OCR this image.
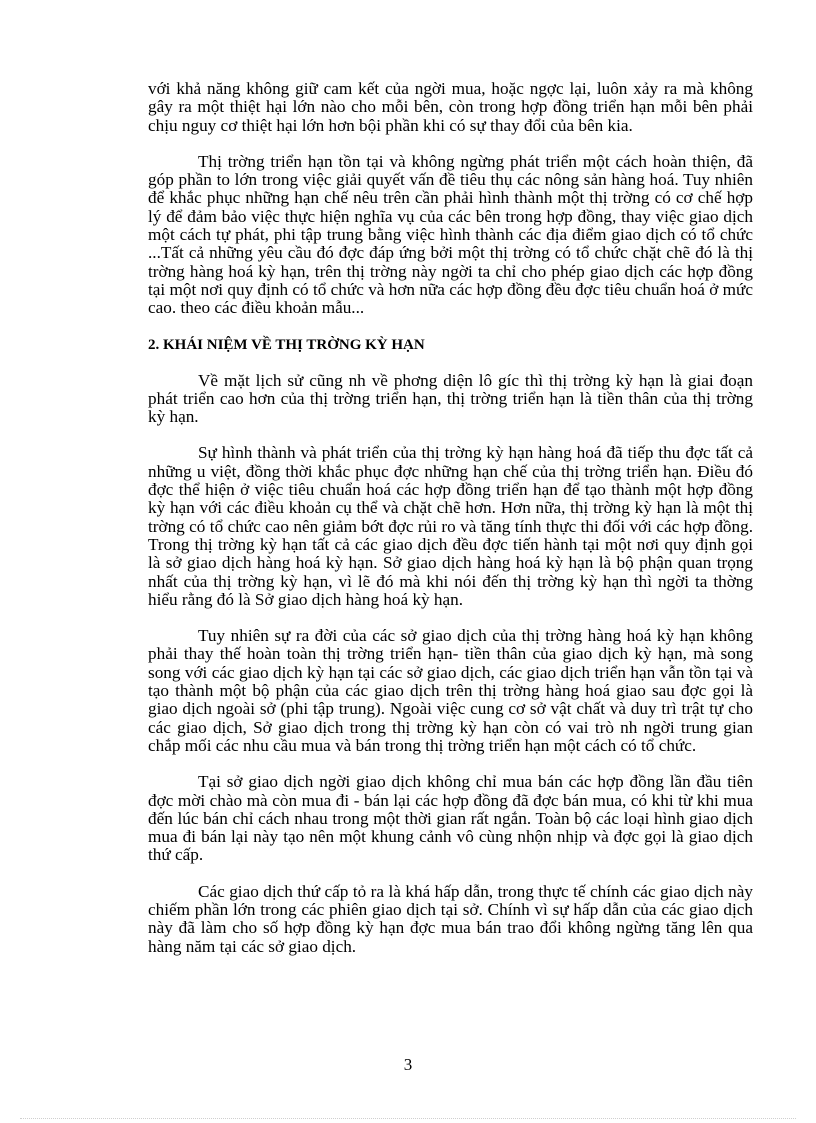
với khả năng không giữ cam kết của ngời mua, hoặc ngợc lại, luôn xảy ra mà không gây ra một thiệt hại lớn nào cho mỗi bên, còn trong hợp đồng triển hạn mỗi bên phải chịu nguy cơ thiệt hại lớn hơn bội phần khi có sự thay đổi của bên kia.

Thị trờng triển hạn tồn tại và không ngừng phát triển một cách hoàn thiện, đã góp phần to lớn trong việc giải quyết vấn đề tiêu thụ các nông sản hàng hoá. Tuy nhiên để khắc phục những hạn chế nêu trên cần phải hình thành một thị trờng có cơ chế hợp lý để đảm bảo việc thực hiện nghĩa vụ của các bên trong hợp đồng, thay việc giao dịch một cách tự phát, phi tập trung bằng việc hình thành các địa điểm giao dịch có tổ chức ...Tất cả những yêu cầu đó đợc đáp ứng bởi một thị trờng có tổ chức chặt chẽ đó là thị trờng hàng hoá kỳ hạn, trên thị trờng này ngời ta chỉ cho phép giao dịch các hợp đồng tại một nơi quy định có tổ chức và hơn nữa các hợp đồng đều đợc tiêu chuẩn hoá ở mức cao. theo các điều khoản mẫu...

2. KHÁI NIỆM VỀ THỊ TRỜNG KỲ HẠN

Về mặt lịch sử cũng nh về phơng diện lô gíc thì thị trờng kỳ hạn là giai đoạn phát triển cao hơn của thị trờng triển hạn, thị trờng triển hạn là tiền thân của thị trờng kỳ hạn.

Sự hình thành và phát triển của thị trờng kỳ hạn hàng hoá đã tiếp thu đợc tất cả những u việt, đồng thời khắc phục đợc những hạn chế của thị trờng triển hạn. Điều đó đợc thể hiện ở việc tiêu chuẩn hoá các hợp đồng triển hạn để tạo thành một hợp đồng kỳ hạn với các điều khoản cụ thể và chặt chẽ hơn. Hơn nữa, thị trờng kỳ hạn là một thị trờng có tổ chức cao nên giảm bớt đợc rủi ro và tăng tính thực thi đối với các hợp đồng. Trong thị trờng kỳ hạn tất cả các giao dịch đều đợc tiến hành tại một nơi quy định gọi là sở giao dịch hàng hoá kỳ hạn. Sở giao dịch hàng hoá kỳ hạn là bộ phận quan trọng nhất của thị trờng kỳ hạn, vì lẽ đó mà khi nói đến thị trờng kỳ hạn thì ngời ta thờng hiểu rằng đó là Sở giao dịch hàng hoá kỳ hạn.

Tuy nhiên sự ra đời của các sở giao dịch của thị trờng hàng hoá kỳ hạn không phải thay thế hoàn toàn thị trờng triển hạn- tiền thân của giao dịch kỳ hạn, mà song song với các giao dịch kỳ hạn tại các sở giao dịch, các giao dịch triển hạn vẫn tồn tại và tạo thành một bộ phận của các giao dịch trên thị trờng hàng hoá giao sau đợc gọi là giao dịch ngoài sở (phi tập trung). Ngoài việc cung cơ sở vật chất và duy trì trật tự cho các giao dịch, Sở giao dịch trong thị trờng kỳ hạn còn có vai trò nh ngời trung gian chắp mối các nhu cầu mua và bán trong thị trờng triển hạn một cách có tổ chức.

Tại sở giao dịch ngời giao dịch không chỉ mua bán các hợp đồng lần đầu tiên đợc mời chào mà còn mua đi - bán lại các hợp đồng đã đợc bán mua, có khi từ khi mua đến lúc bán chỉ cách nhau trong một thời gian rất ngắn. Toàn bộ các loại hình giao dịch mua đi bán lại này tạo nên một khung cảnh vô cùng nhộn nhịp và đợc gọi là giao dịch thứ cấp.

Các giao dịch thứ cấp tỏ ra là khá hấp dẫn, trong thực tế chính các giao dịch này chiếm phần lớn trong các phiên giao dịch tại sở. Chính vì sự hấp dẫn của các giao dịch này đã làm cho số hợp đồng kỳ hạn đợc mua bán trao đổi không ngừng tăng lên qua hàng năm tại các sở giao dịch.

3
